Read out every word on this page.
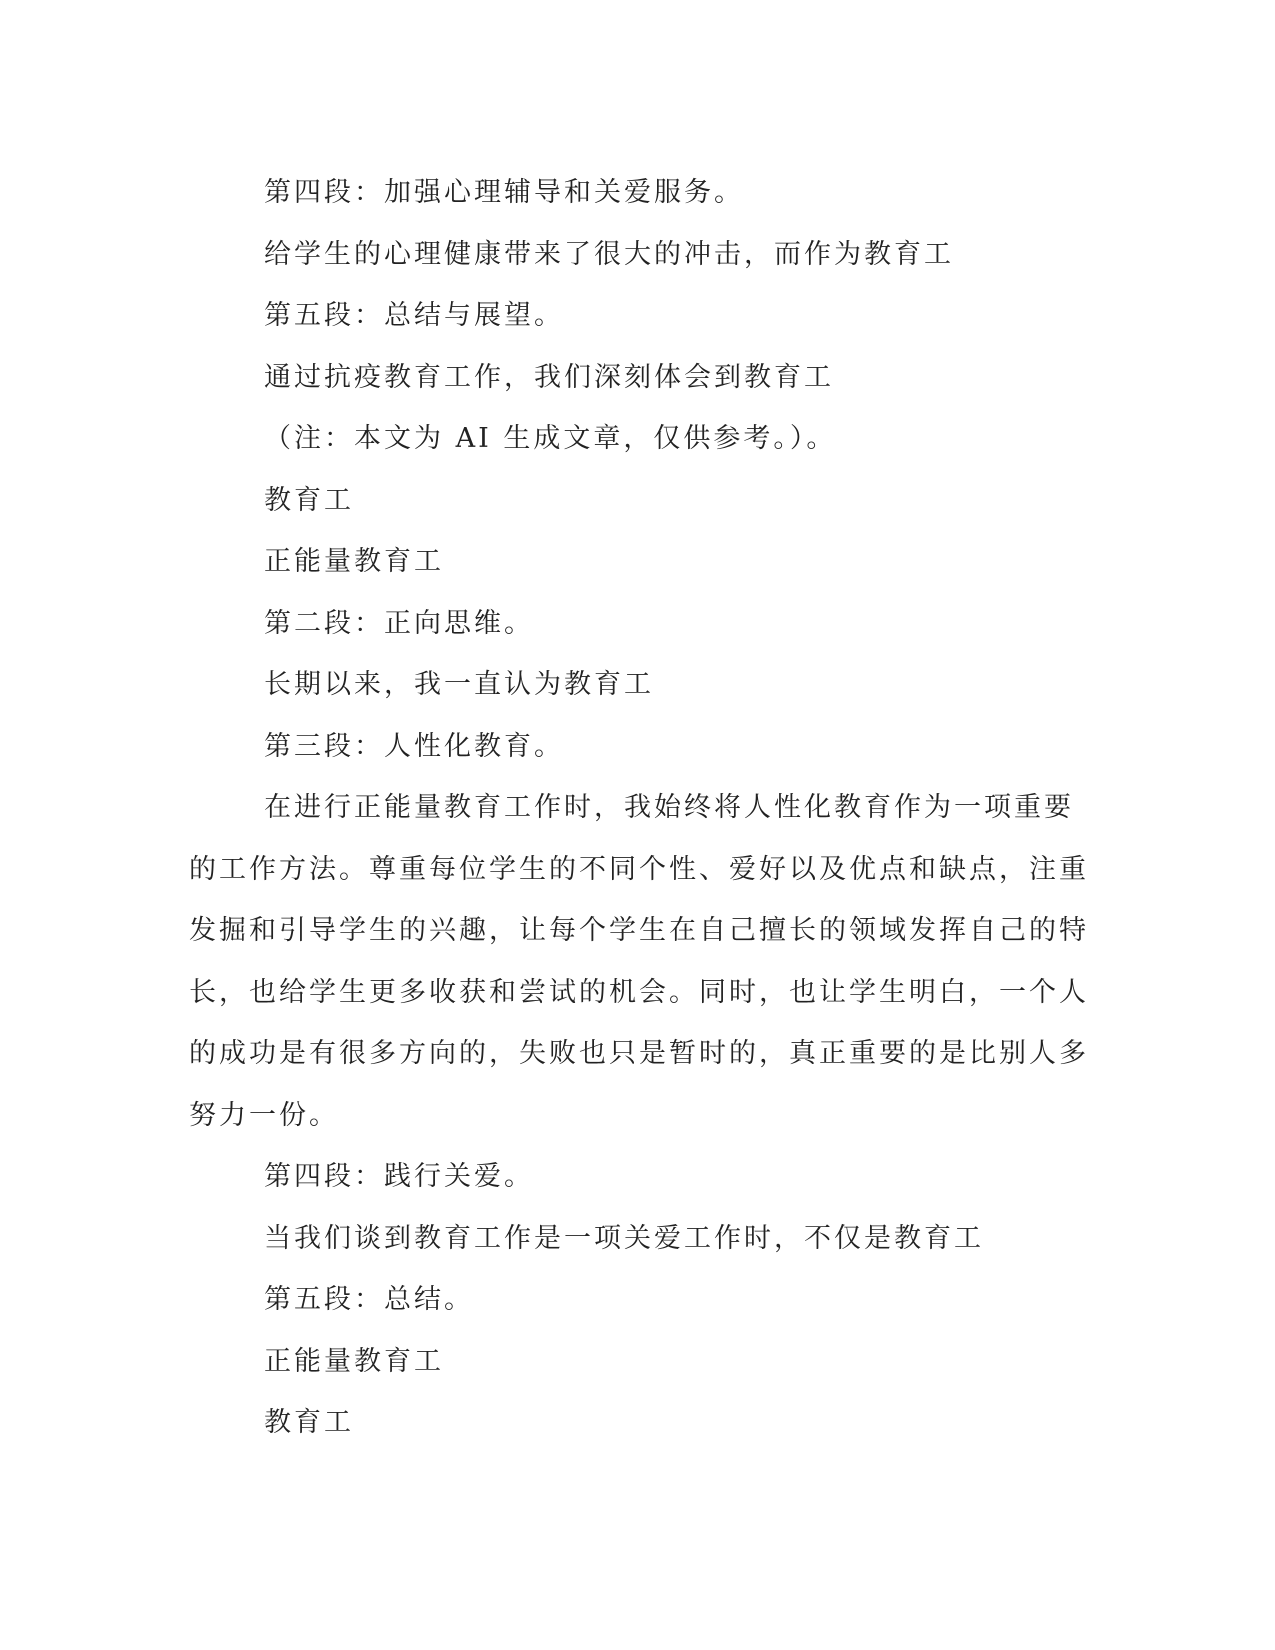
第四段：加强心理辅导和关爱服务。

给学生的心理健康带来了很大的冲击，而作为教育工

第五段：总结与展望。

通过抗疫教育工作，我们深刻体会到教育工

（注：本文为 AI 生成文章，仅供参考。）。

教育工

正能量教育工

第二段：正向思维。

长期以来，我一直认为教育工

第三段：人性化教育。

在进行正能量教育工作时，我始终将人性化教育作为一项重要的工作方法。尊重每位学生的不同个性、爱好以及优点和缺点，注重发掘和引导学生的兴趣，让每个学生在自己擅长的领域发挥自己的特长，也给学生更多收获和尝试的机会。同时，也让学生明白，一个人的成功是有很多方向的，失败也只是暂时的，真正重要的是比别人多努力一份。

第四段：践行关爱。

当我们谈到教育工作是一项关爱工作时，不仅是教育工

第五段：总结。

正能量教育工

教育工
